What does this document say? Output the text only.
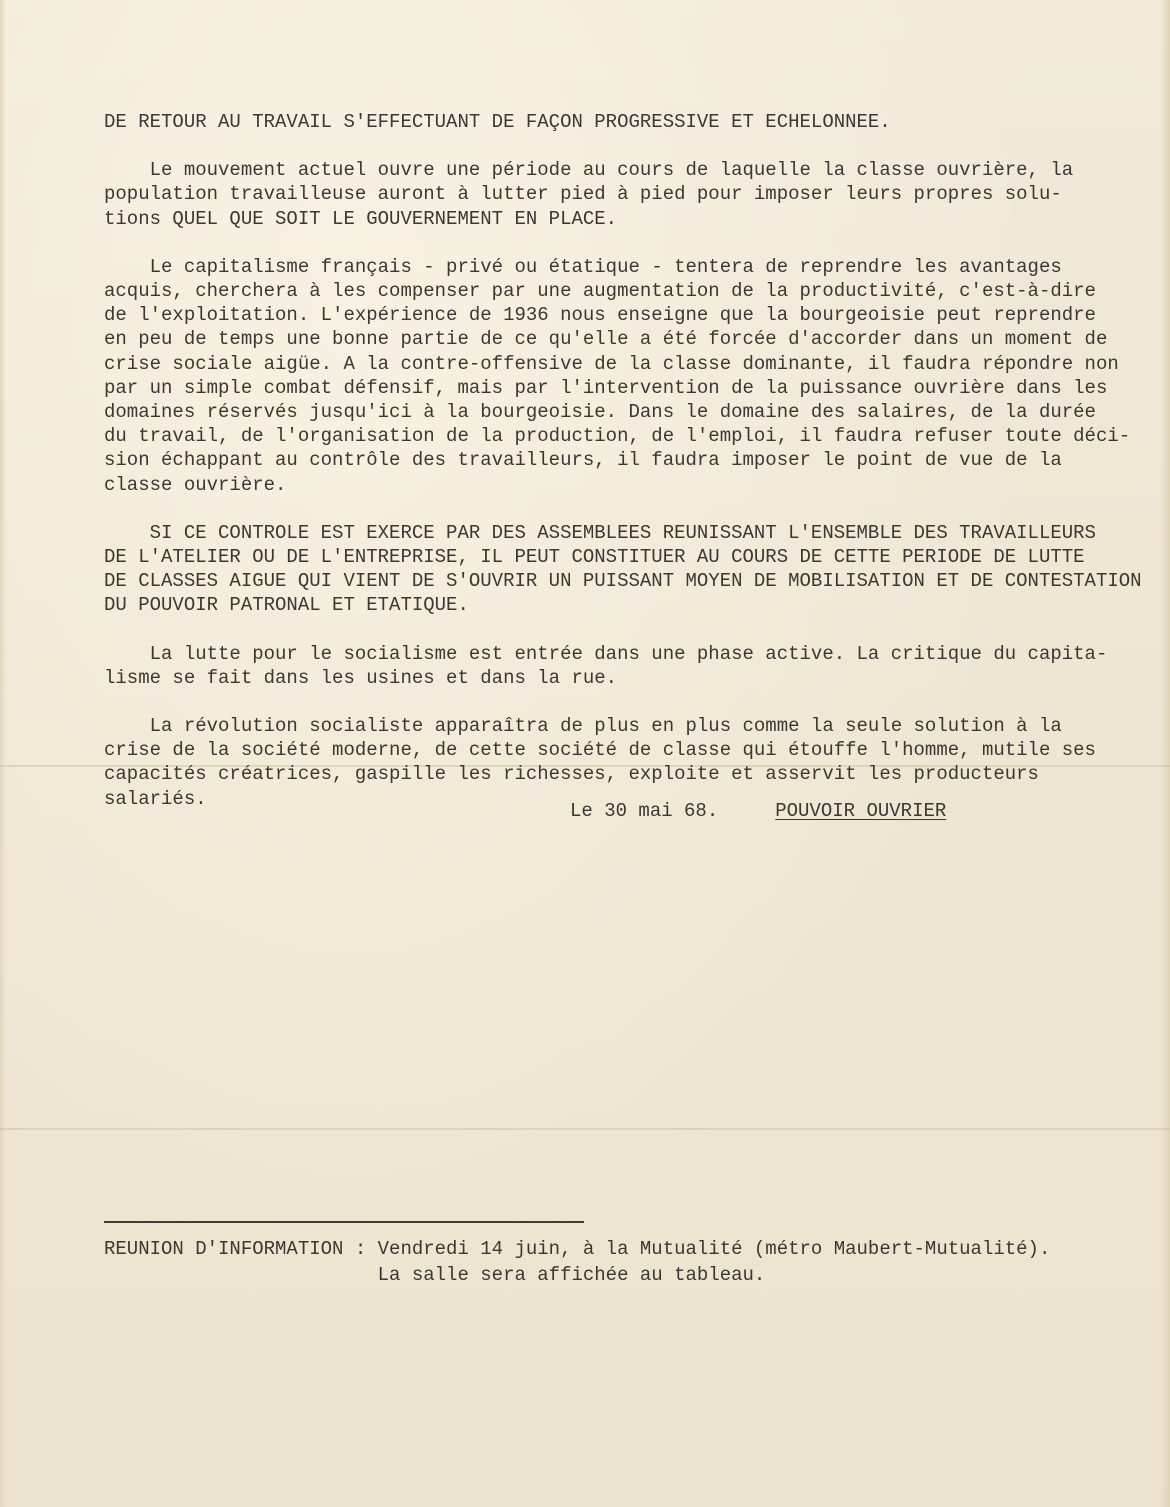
DE RETOUR AU TRAVAIL S'EFFECTUANT DE FAÇON PROGRESSIVE ET ECHELONNEE.

Le mouvement actuel ouvre une période au cours de laquelle la classe ouvrière, la
population travailleuse auront à lutter pied à pied pour imposer leurs propres solu-
tions QUEL QUE SOIT LE GOUVERNEMENT EN PLACE.

Le capitalisme français - privé ou étatique - tentera de reprendre les avantages
acquis, cherchera à les compenser par une augmentation de la productivité, c'est-à-dire
de l'exploitation. L'expérience de 1936 nous enseigne que la bourgeoisie peut reprendre
en peu de temps une bonne partie de ce qu'elle a été forcée d'accorder dans un moment de
crise sociale aigüe. A la contre-offensive de la classe dominante, il faudra répondre non
par un simple combat défensif, mais par l'intervention de la puissance ouvrière dans les
domaines réservés jusqu'ici à la bourgeoisie. Dans le domaine des salaires, de la durée
du travail, de l'organisation de la production, de l'emploi, il faudra refuser toute déci-
sion échappant au contrôle des travailleurs, il faudra imposer le point de vue de la
classe ouvrière.

SI CE CONTROLE EST EXERCE PAR DES ASSEMBLEES REUNISSANT L'ENSEMBLE DES TRAVAILLEURS
DE L'ATELIER OU DE L'ENTREPRISE, IL PEUT CONSTITUER AU COURS DE CETTE PERIODE DE LUTTE
DE CLASSES AIGUE QUI VIENT DE S'OUVRIR UN PUISSANT MOYEN DE MOBILISATION ET DE CONTESTATION
DU POUVOIR PATRONAL ET ETATIQUE.

La lutte pour le socialisme est entrée dans une phase active. La critique du capita-
lisme se fait dans les usines et dans la rue.

La révolution socialiste apparaîtra de plus en plus comme la seule solution à la
crise de la société moderne, de cette société de classe qui étouffe l'homme, mutile ses
capacités créatrices, gaspille les richesses, exploite et asservit les producteurs
salariés.

Le 30 mai 68.	POUVOIR OUVRIER
REUNION D'INFORMATION : Vendredi 14 juin, à la Mutualité (métro Maubert-Mutualité).
La salle sera affichée au tableau.
